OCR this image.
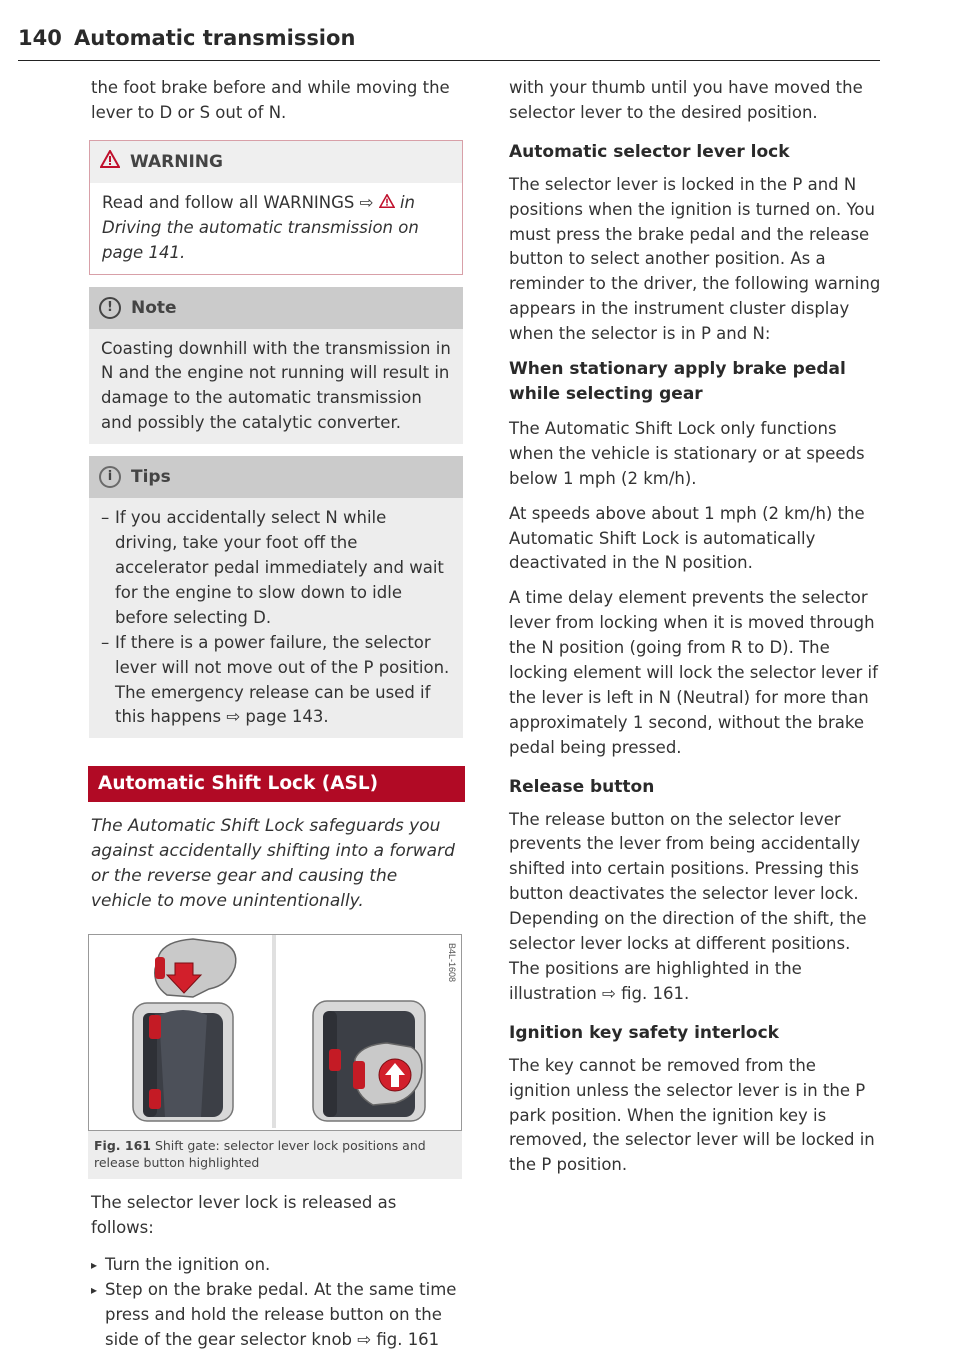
140 Automatic transmission

the foot brake before and while moving the lever to D or S out of N.

WARNING

Read and follow all WARNINGS ⇨  in Driving the automatic transmission on page 141.

!	Note

Coasting downhill with the transmission in N and the engine not running will result in damage to the automatic transmission and possibly the catalytic converter.

i	Tips
– If you accidentally select N while driving, take your foot off the accelerator pedal immediately and wait for the engine to slow down to idle before selecting D.
– If there is a power failure, the selector lever will not move out of the P position. The emergency release can be used if this happens ⇨ page 143.
Automatic Shift Lock (ASL)

The Automatic Shift Lock safeguards you against accidentally shifting into a forward or the reverse gear and causing the vehicle to move unintentionally.

B4L-1608
Fig. 161 Shift gate: selector lever lock positions and release button highlighted

The selector lever lock is released as follows:

▸ Turn the ignition on.
▸ Step on the brake pedal. At the same time press and hold the release button on the side of the gear selector knob ⇨ fig. 161

with your thumb until you have moved the selector lever to the desired position.

Automatic selector lever lock

The selector lever is locked in the P and N positions when the ignition is turned on. You must press the brake pedal and the release button to select another position. As a reminder to the driver, the following warning appears in the instrument cluster display when the selector is in P and N:

When stationary apply brake pedal while selecting gear

The Automatic Shift Lock only functions when the vehicle is stationary or at speeds below 1 mph (2 km/h).

At speeds above about 1 mph (2 km/h) the Automatic Shift Lock is automatically deactivated in the N position.

A time delay element prevents the selector lever from locking when it is moved through the N position (going from R to D). The locking element will lock the selector lever if the lever is left in N (Neutral) for more than approximately 1 second, without the brake pedal being pressed.

Release button

The release button on the selector lever prevents the lever from being accidentally shifted into certain positions. Pressing this button deactivates the selector lever lock. Depending on the direction of the shift, the selector lever locks at different positions. The positions are highlighted in the illustration ⇨ fig. 161.

Ignition key safety interlock

The key cannot be removed from the ignition unless the selector lever is in the P park position. When the ignition key is removed, the selector lever will be locked in the P position.
